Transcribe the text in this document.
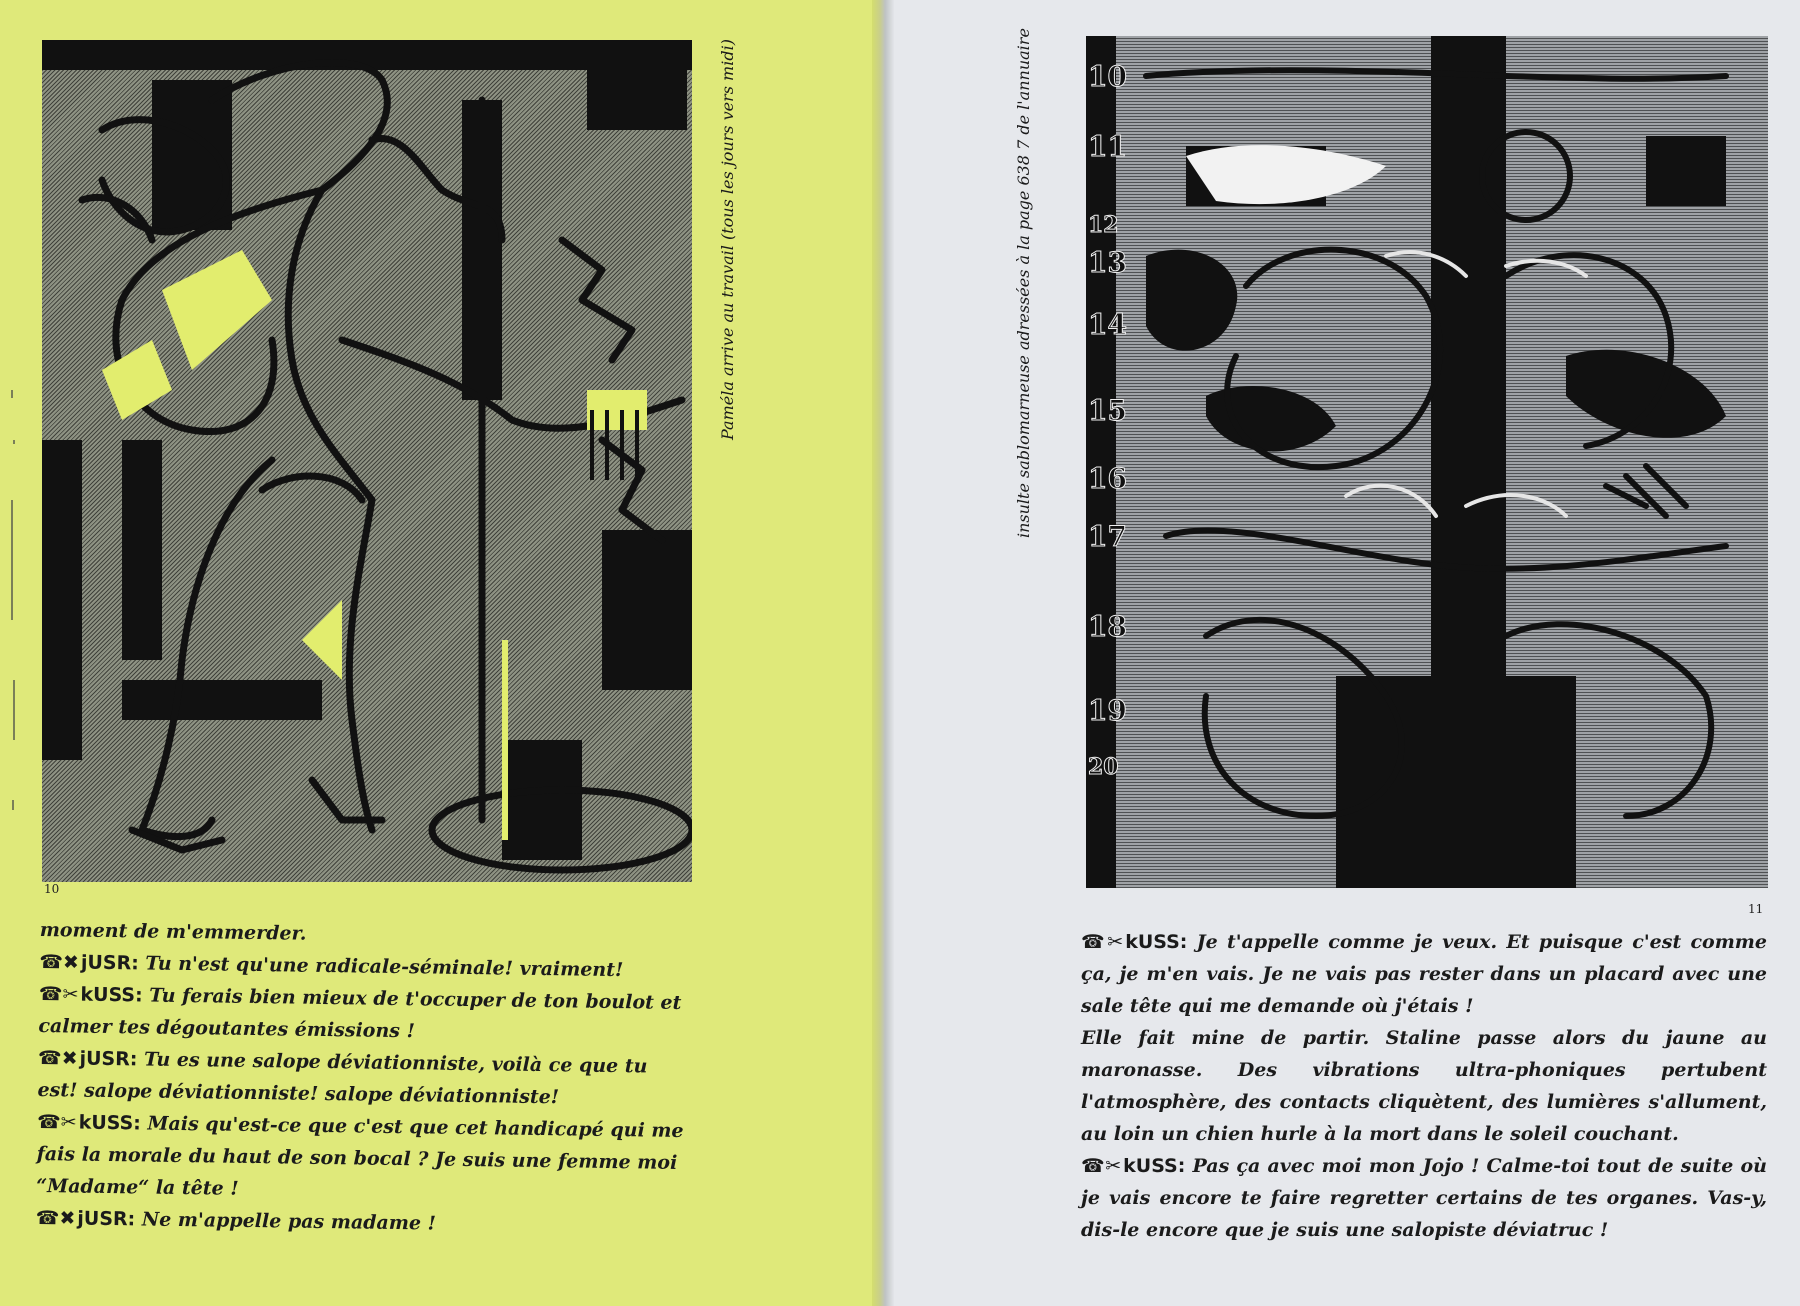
Paméla arrive au travail (tous les jours vers midi)
10
10
11
12
13
14
15
16
17
18
19
20
insulte sablomarneuse adressées à la page 638 7 de l'annuaire
11

moment de m'emmerder.

☎✖jUSR: Tu n'est qu'une radicale-séminale! vraiment!

☎✂kUSS: Tu ferais bien mieux de t'occuper de ton boulot et calmer tes dégoutantes émissions !

☎✖jUSR: Tu es une salope déviationniste, voilà ce que tu est! salope déviationniste! salope déviationniste!

☎✂kUSS: Mais qu'est-ce que c'est que cet handicapé qui me fais la morale du haut de son bocal ? Je suis une femme moi “Madame“ la tête !

☎✖jUSR: Ne m'appelle pas madame !

☎✂ kUSS: Je t'appelle comme je veux. Et puisque c'est comme ça, je m'en vais. Je ne vais pas rester dans un placard avec une sale tête qui me demande où j'étais !

Elle fait mine de partir. Staline passe alors du jaune au maronasse. Des vibrations ultra-phoniques pertubent l'atmosphère, des contacts cliquètent, des lumières s'allument, au loin un chien hurle à la mort dans le soleil couchant.

☎✂ kUSS: Pas ça avec moi mon Jojo ! Calme-toi tout de suite où je vais encore te faire regretter certains de tes organes. Vas-y, dis-le encore que je suis une salopiste déviatruc !
